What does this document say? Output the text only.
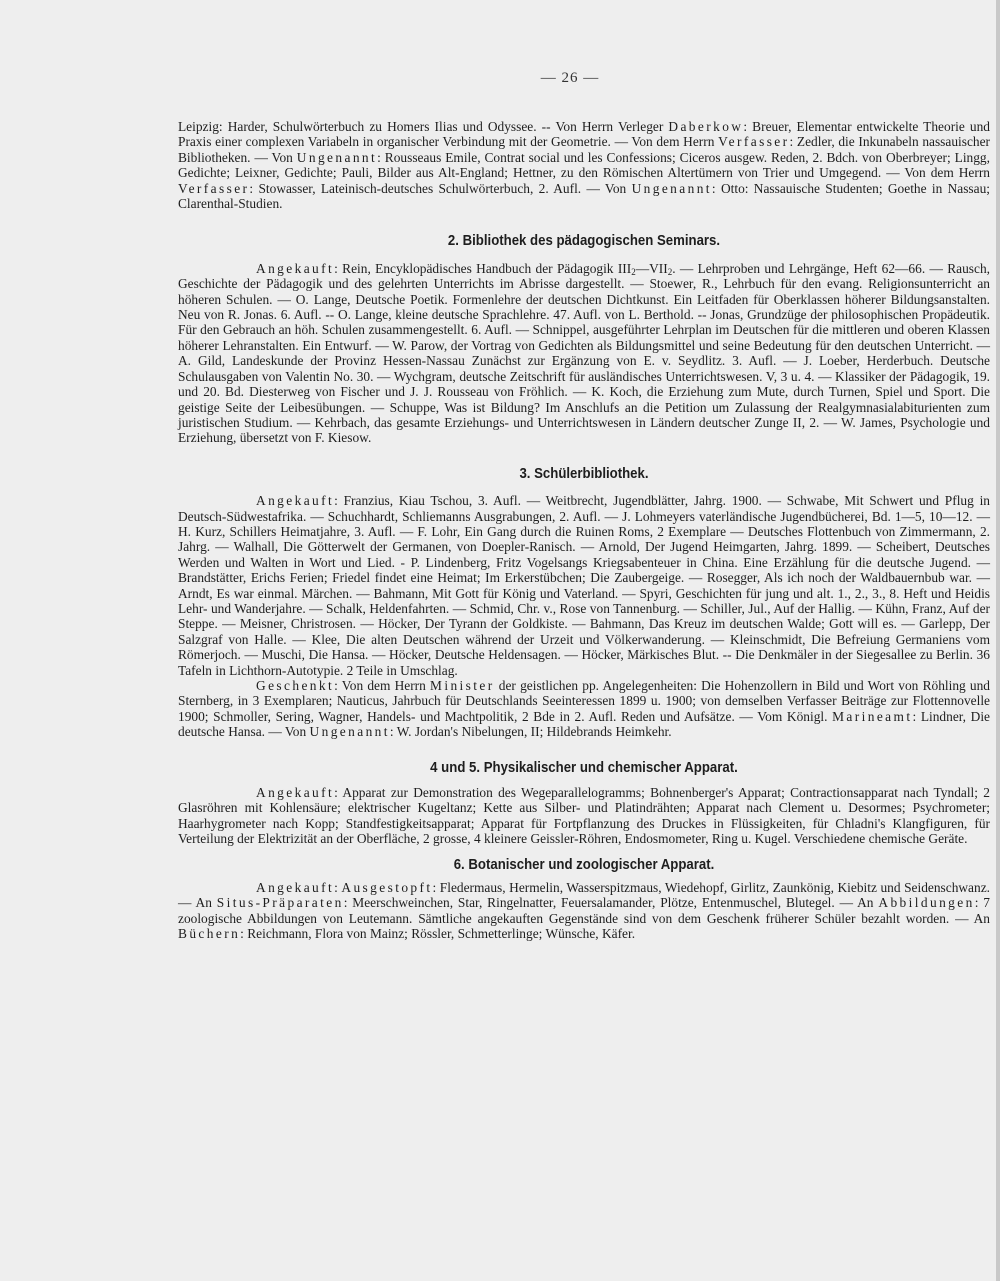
— 26 —

Leipzig: Harder, Schulwörterbuch zu Homers Ilias und Odyssee. -- Von Herrn Verleger Daberkow: Breuer, Elementar entwickelte Theorie und Praxis einer complexen Variabeln in organischer Verbindung mit der Geometrie. — Von dem Herrn Verfasser: Zedler, die Inkunabeln nassauischer Bibliotheken. — Von Ungenannt: Rousseaus Emile, Contrat social und les Confessions; Ciceros ausgew. Reden, 2. Bdch. von Oberbreyer; Lingg, Gedichte; Leixner, Gedichte; Pauli, Bilder aus Alt-England; Hettner, zu den Römischen Altertümern von Trier und Umgegend. — Von dem Herrn Verfasser: Stowasser, Lateinisch-deutsches Schulwörterbuch, 2. Aufl. — Von Ungenannt: Otto: Nassauische Studenten; Goethe in Nassau; Clarenthal-Studien.

2. Bibliothek des pädagogischen Seminars.

Angekauft: Rein, Encyklopädisches Handbuch der Pädagogik $III_2—VII_2$. — Lehrproben und Lehrgänge, Heft 62—66. — Rausch, Geschichte der Pädagogik und des gelehrten Unterrichts im Abrisse dargestellt. — Stoewer, R., Lehrbuch für den evang. Religionsunterricht an höheren Schulen. — O. Lange, Deutsche Poetik. Formenlehre der deutschen Dichtkunst. Ein Leitfaden für Oberklassen höherer Bildungsanstalten. Neu von R. Jonas. 6. Aufl. -- O. Lange, kleine deutsche Sprachlehre. 47. Aufl. von L. Berthold. -- Jonas, Grundzüge der philosophischen Propädeutik. Für den Gebrauch an höh. Schulen zusammengestellt. 6. Aufl. — Schnippel, ausgeführter Lehrplan im Deutschen für die mittleren und oberen Klassen höherer Lehranstalten. Ein Entwurf. — W. Parow, der Vortrag von Gedichten als Bildungsmittel und seine Bedeutung für den deutschen Unterricht. — A. Gild, Landeskunde der Provinz Hessen-Nassau Zunächst zur Ergänzung von E. v. Seydlitz. 3. Aufl. — J. Loeber, Herderbuch. Deutsche Schulausgaben von Valentin No. 30. — Wychgram, deutsche Zeitschrift für ausländisches Unterrichtswesen. V, 3 u. 4. — Klassiker der Pädagogik, 19. und 20. Bd. Diesterweg von Fischer und J. J. Rousseau von Fröhlich. — K. Koch, die Erziehung zum Mute, durch Turnen, Spiel und Sport. Die geistige Seite der Leibesübungen. — Schuppe, Was ist Bildung? Im Anschlufs an die Petition um Zulassung der Realgymnasialabiturienten zum juristischen Studium. — Kehrbach, das gesamte Erziehungs- und Unterrichtswesen in Ländern deutscher Zunge II, 2. — W. James, Psychologie und Erziehung, übersetzt von F. Kiesow.

3. Schülerbibliothek.

Angekauft: Franzius, Kiau Tschou, 3. Aufl. — Weitbrecht, Jugendblätter, Jahrg. 1900. — Schwabe, Mit Schwert und Pflug in Deutsch-Südwestafrika. — Schuchhardt, Schliemanns Ausgrabungen, 2. Aufl. — J. Lohmeyers vaterländische Jugendbücherei, Bd. 1—5, 10—12. — H. Kurz, Schillers Heimatjahre, 3. Aufl. — F. Lohr, Ein Gang durch die Ruinen Roms, 2 Exemplare — Deutsches Flottenbuch von Zimmermann, 2. Jahrg. — Walhall, Die Götterwelt der Germanen, von Doepler-Ranisch. — Arnold, Der Jugend Heimgarten, Jahrg. 1899. — Scheibert, Deutsches Werden und Walten in Wort und Lied. - P. Lindenberg, Fritz Vogelsangs Kriegsabenteuer in China. Eine Erzählung für die deutsche Jugend. — Brandstätter, Erichs Ferien; Friedel findet eine Heimat; Im Erkerstübchen; Die Zaubergeige. — Rosegger, Als ich noch der Waldbauernbub war. — Arndt, Es war einmal. Märchen. — Bahmann, Mit Gott für König und Vaterland. — Spyri, Geschichten für jung und alt. 1., 2., 3., 8. Heft und Heidis Lehr- und Wanderjahre. — Schalk, Heldenfahrten. — Schmid, Chr. v., Rose von Tannenburg. — Schiller, Jul., Auf der Hallig. — Kühn, Franz, Auf der Steppe. — Meisner, Christrosen. — Höcker, Der Tyrann der Goldkiste. — Bahmann, Das Kreuz im deutschen Walde; Gott will es. — Garlepp, Der Salzgraf von Halle. — Klee, Die alten Deutschen während der Urzeit und Völkerwanderung. — Kleinschmidt, Die Befreiung Germaniens vom Römerjoch. — Muschi, Die Hansa. — Höcker, Deutsche Heldensagen. — Höcker, Märkisches Blut. -- Die Denkmäler in der Siegesallee zu Berlin. 36 Tafeln in Lichthorn-Autotypie. 2 Teile in Umschlag.

Geschenkt: Von dem Herrn Minister der geistlichen pp. Angelegenheiten: Die Hohenzollern in Bild und Wort von Röhling und Sternberg, in 3 Exemplaren; Nauticus, Jahrbuch für Deutschlands Seeinteressen 1899 u. 1900; von demselben Verfasser Beiträge zur Flottennovelle 1900; Schmoller, Sering, Wagner, Handels- und Machtpolitik, 2 Bde in 2. Aufl. Reden und Aufsätze. — Vom Königl. Marineamt: Lindner, Die deutsche Hansa. — Von Ungenannt: W. Jordan's Nibelungen, II; Hildebrands Heimkehr.

4 und 5. Physikalischer und chemischer Apparat.

Angekauft: Apparat zur Demonstration des Wegeparallelogramms; Bohnenberger's Apparat; Contractionsapparat nach Tyndall; 2 Glasröhren mit Kohlensäure; elektrischer Kugeltanz; Kette aus Silber- und Platindrähten; Apparat nach Clement u. Desormes; Psychrometer; Haarhygrometer nach Kopp; Standfestigkeitsapparat; Apparat für Fortpflanzung des Druckes in Flüssigkeiten, für Chladni's Klangfiguren, für Verteilung der Elektrizität an der Oberfläche, 2 grosse, 4 kleinere Geissler-Röhren, Endosmometer, Ring u. Kugel. Verschiedene chemische Geräte.

6. Botanischer und zoologischer Apparat.

Angekauft: Ausgestopft: Fledermaus, Hermelin, Wasserspitzmaus, Wiedehopf, Girlitz, Zaunkönig, Kiebitz und Seidenschwanz. — An Situs-Präparaten: Meerschweinchen, Star, Ringelnatter, Feuersalamander, Plötze, Entenmuschel, Blutegel. — An Abbildungen: 7 zoologische Abbildungen von Leutemann. Sämtliche angekauften Gegenstände sind von dem Geschenk früherer Schüler bezahlt worden. — An Büchern: Reichmann, Flora von Mainz; Rössler, Schmetterlinge; Wünsche, Käfer.
